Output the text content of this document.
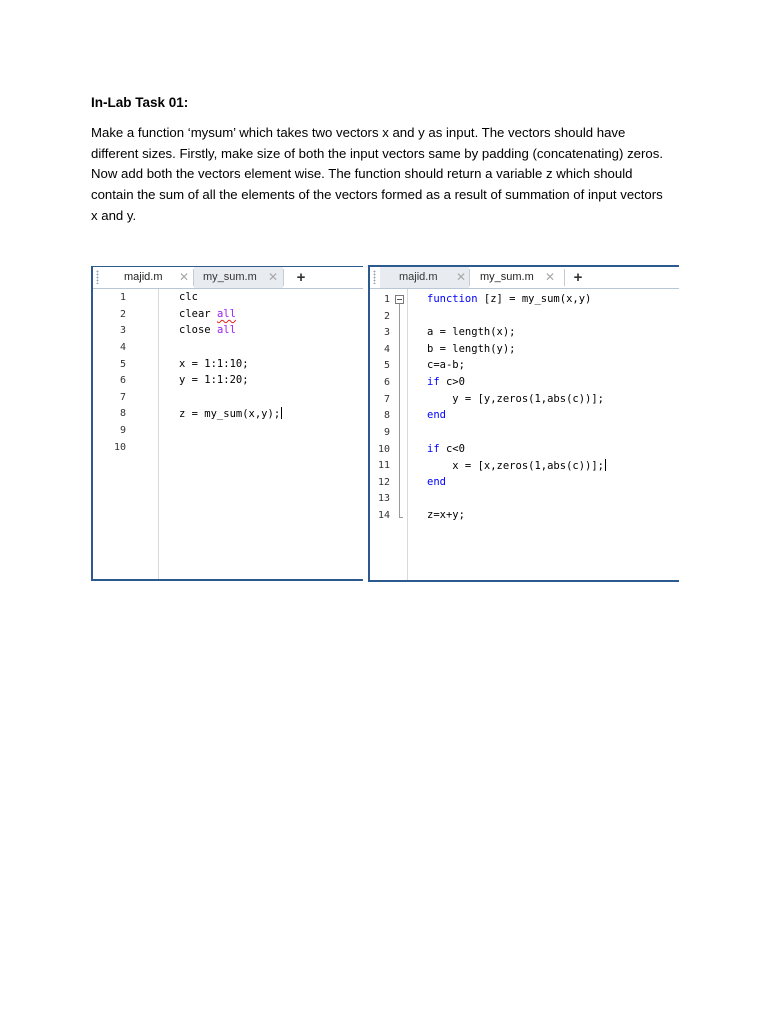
In-Lab Task 01:
Make a function ‘mysum’ which takes two vectors x and y as input. The vectors should have different sizes. Firstly, make size of both the input vectors same by padding (concatenating) zeros. Now add both the vectors element wise. The function should return a variable z which should contain the sum of all the elements of the vectors formed as a result of summation of input vectors x and y.
majid.m ✕	my_sum.m ✕	+
1
2
3
4
5
6
7
8
9
10
clc
clear all
close all
x = 1:1:10;
y = 1:1:20;
z = my_sum(x,y);
majid.m ✕	my_sum.m ✕	+
1
2
3
4
5
6
7
8
9
10
11
12
13
14
function [z] = my_sum(x,y)
a = length(x);
b = length(y);
c=a-b;
if c>0
y = [y,zeros(1,abs(c))];
end
if c<0
x = [x,zeros(1,abs(c))];
end
z=x+y;
